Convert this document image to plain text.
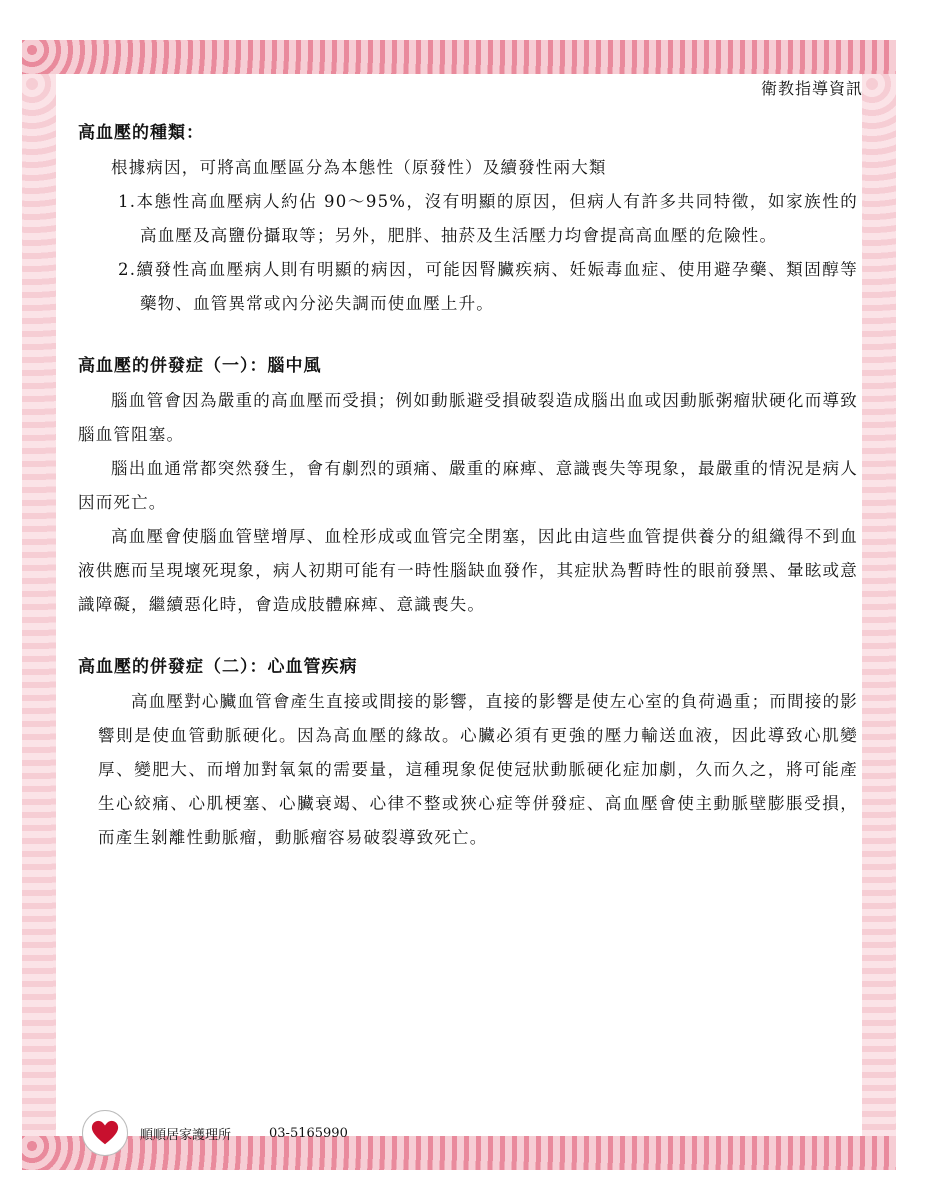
衛教指導資訊
高血壓的種類：

根據病因，可將高血壓區分為本態性（原發性）及續發性兩大類

1.本態性高血壓病人約佔 90～95%，沒有明顯的原因，但病人有許多共同特徵，如家族性的高血壓及高鹽份攝取等；另外，肥胖、抽菸及生活壓力均會提高高血壓的危險性。

2.續發性高血壓病人則有明顯的病因，可能因腎臟疾病、妊娠毒血症、使用避孕藥、類固醇等藥物、血管異常或內分泌失調而使血壓上升。

高血壓的併發症（一）：腦中風

腦血管會因為嚴重的高血壓而受損；例如動脈避受損破裂造成腦出血或因動脈粥瘤狀硬化而導致腦血管阻塞。

腦出血通常都突然發生，會有劇烈的頭痛、嚴重的麻痺、意識喪失等現象，最嚴重的情況是病人因而死亡。

高血壓會使腦血管壁增厚、血栓形成或血管完全閉塞，因此由這些血管提供養分的組織得不到血液供應而呈現壞死現象，病人初期可能有一時性腦缺血發作，其症狀為暫時性的眼前發黑、暈眩或意識障礙，繼續惡化時，會造成肢體麻痺、意識喪失。

高血壓的併發症（二）：心血管疾病

高血壓對心臟血管會產生直接或間接的影響，直接的影響是使左心室的負荷過重；而間接的影響則是使血管動脈硬化。因為高血壓的緣故。心臟必須有更強的壓力輸送血液，因此導致心肌變厚、變肥大、而增加對氧氣的需要量，這種現象促使冠狀動脈硬化症加劇，久而久之，將可能產生心絞痛、心肌梗塞、心臟衰竭、心律不整或狹心症等併發症、高血壓會使主動脈壁膨脹受損，而產生剝離性動脈瘤，動脈瘤容易破裂導致死亡。

順順居家護理所	03-5165990
